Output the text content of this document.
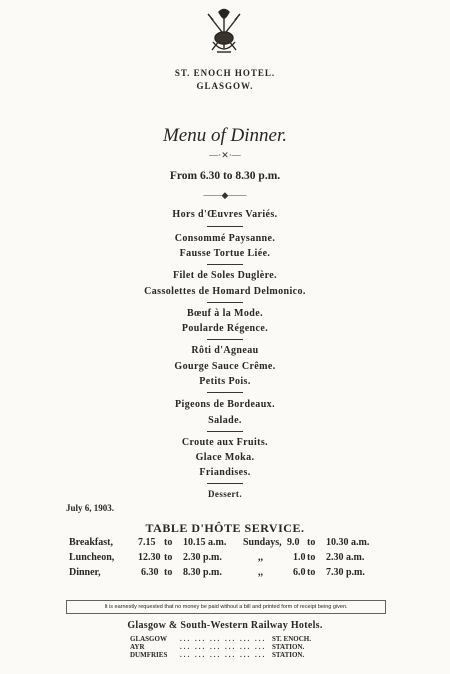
ST. ENOCH HOTEL.
GLASGOW.
Menu of Dinner.
—·✕·—
From 6.30 to 8.30 p.m.
——◆——
Hors d'Œuvres Variés.
Consommé Paysanne.
Fausse Tortue Liée.
Filet de Soles Duglère.
Cassolettes de Homard Delmonico.
Bœuf à la Mode.
Poularde Régence.
Rôti d'Agneau
Gourge Sauce Crême.
Petits Pois.
Pigeons de Bordeaux.
Salade.
Croute aux Fruits.
Glace Moka.
Friandises.
Dessert.
July 6, 1903.
TABLE D'HÔTE SERVICE.
Breakfast,	7.15 to 10.15 a.m. Sundays, 9.0 to 10.30 a.m.
Luncheon, 12.30 to 2.30 p.m.	,,	1.0 to 2.30 a.m.
Dinner,	6.30 to 8.30 p.m.	,,	6.0 to 7.30 p.m.
It is earnestly requested that no money be paid without a bill and printed form of receipt being given.
Glasgow & South-Western Railway Hotels.
GLASGOW ... ... ... ... ... ... ST. ENOCH.
AYR	... ... ... ... ... ... STATION.
DUMFRIES ... ... ... ... ... ... STATION.
